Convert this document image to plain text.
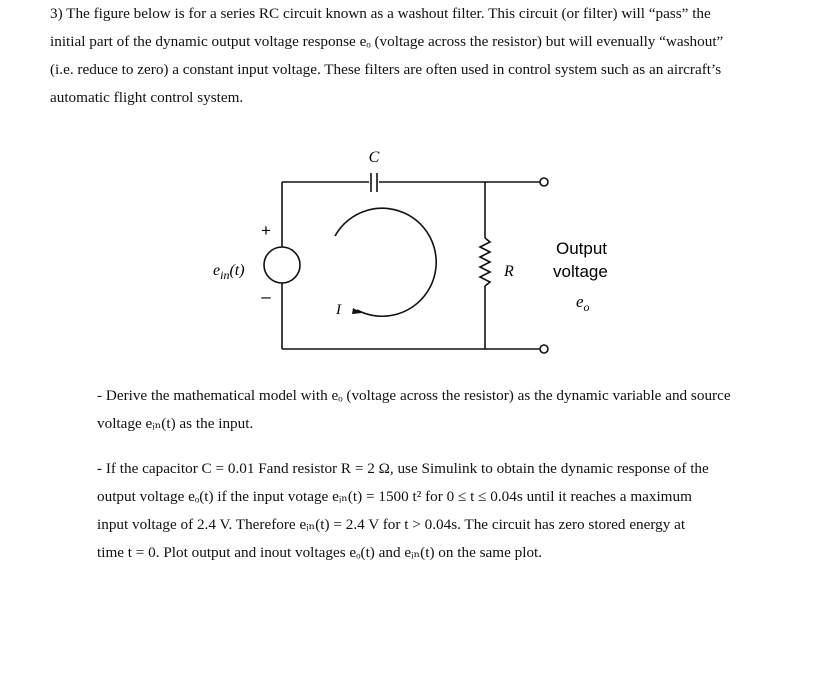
3) The figure below is for a series RC circuit known as a washout filter. This circuit (or filter) will “pass” the
initial part of the dynamic output voltage response eₒ (voltage across the resistor) but will evenually “washout”
(i.e. reduce to zero) a constant input voltage. These filters are often used in control system such as an aircraft’s
automatic flight control system.
C
R
+
–
I
$e_{in}(t)$
Output
voltage
$e_o$
- Derive the mathematical model with eₒ (voltage across the resistor) as the dynamic variable and source
voltage eᵢₙ(t) as the input.
- If the capacitor C = 0.01 Fand resistor R = 2 Ω, use Simulink to obtain the dynamic response of the
output voltage eₒ(t) if the input votage eᵢₙ(t) = 1500 t² for 0 ≤ t ≤ 0.04s until it reaches a maximum
input voltage of 2.4 V. Therefore eᵢₙ(t) = 2.4 V for t > 0.04s. The circuit has zero stored energy at
time t = 0. Plot output and inout voltages eₒ(t) and eᵢₙ(t) on the same plot.
